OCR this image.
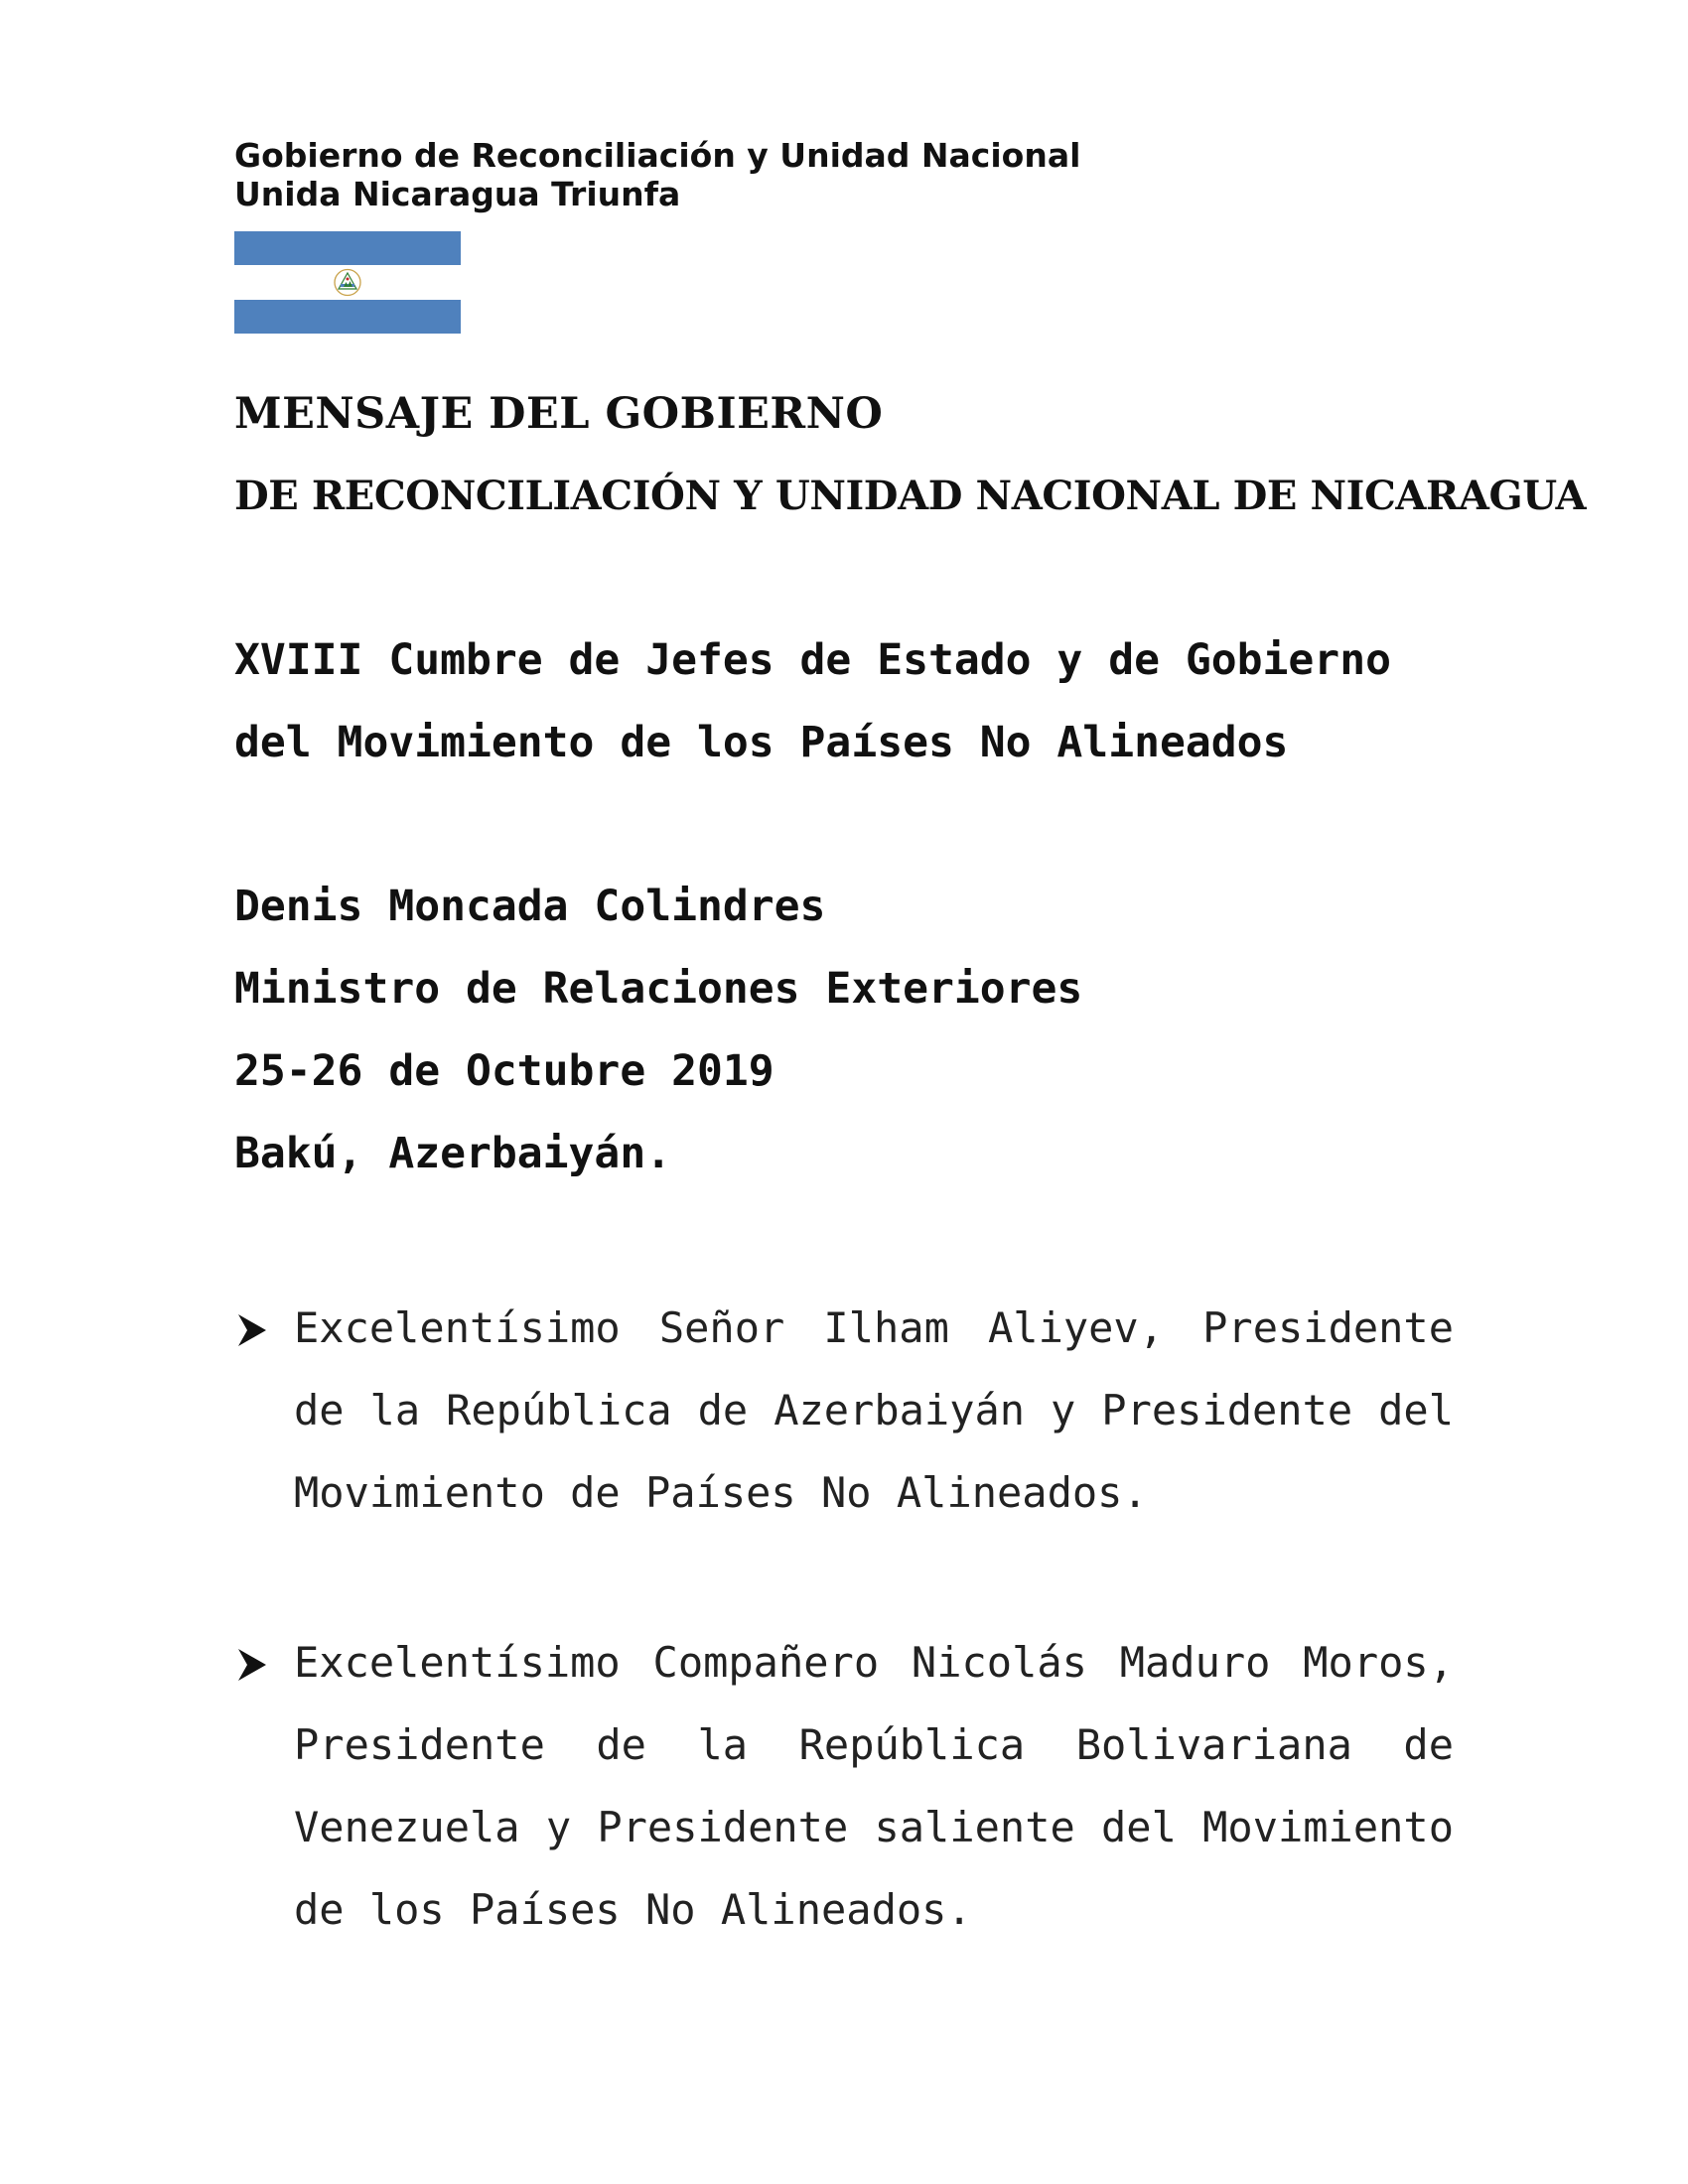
Gobierno de Reconciliación y Unidad Nacional
Unida Nicaragua Triunfa
MENSAJE DEL GOBIERNO
DE RECONCILIACIÓN Y UNIDAD NACIONAL DE NICARAGUA
XVIII Cumbre de Jefes de Estado y de Gobierno
del Movimiento de los Países No Alineados
Denis Moncada Colindres
Ministro de Relaciones Exteriores
25-26 de Octubre 2019
Bakú, Azerbaiyán.

Excelentísimo Señor Ilham Aliyev, Presidente de la República de Azerbaiyán y Presidente del Movimiento de Países No Alineados.

Excelentísimo Compañero Nicolás Maduro Moros, Presidente de la República Bolivariana de Venezuela y Presidente saliente del Movimiento de los Países No Alineados.
